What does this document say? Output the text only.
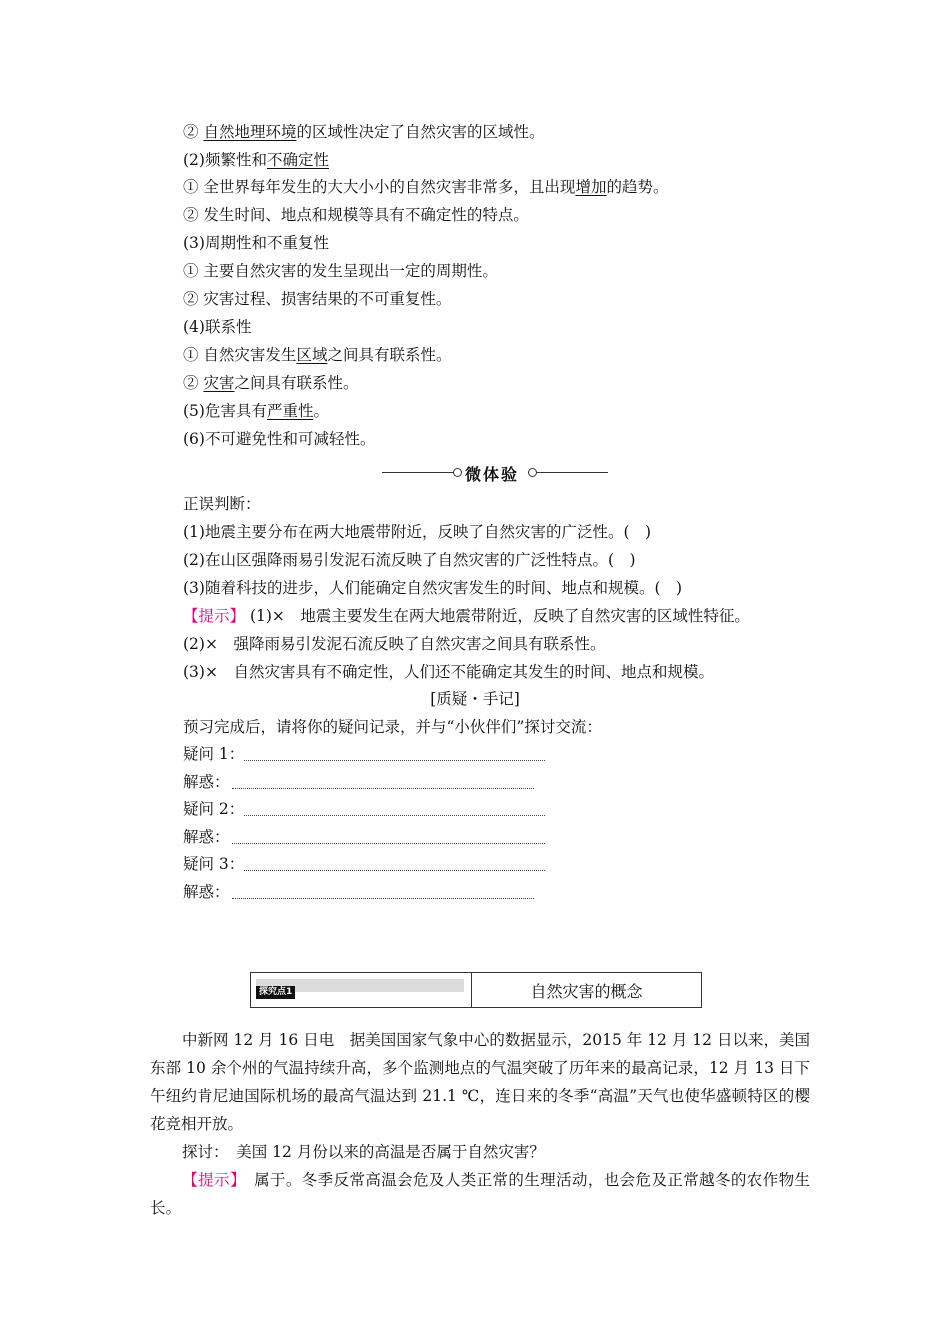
② 自然地理环境的区域性决定了自然灾害的区域性。
(2)频繁性和不确定性
① 全世界每年发生的大大小小的自然灾害非常多，且出现增加的趋势。
② 发生时间、地点和规模等具有不确定性的特点。
(3)周期性和不重复性
① 主要自然灾害的发生呈现出一定的周期性。
② 灾害过程、损害结果的不可重复性。
(4)联系性
① 自然灾害发生区域之间具有联系性。
② 灾害之间具有联系性。
(5)危害具有严重性。
(6)不可避免性和可减轻性。
微体验
正误判断：
(1)地震主要分布在两大地震带附近，反映了自然灾害的广泛性。(　)
(2)在山区强降雨易引发泥石流反映了自然灾害的广泛性特点。(　)
(3)随着科技的进步，人们能确定自然灾害发生的时间、地点和规模。(　)
【提示】 (1)×　地震主要发生在两大地震带附近，反映了自然灾害的区域性特征。
(2)×　强降雨易引发泥石流反映了自然灾害之间具有联系性。
(3)×　自然灾害具有不确定性，人们还不能确定其发生的时间、地点和规模。
[质疑・手记]
预习完成后，请将你的疑问记录，并与“小伙伴们”探讨交流：
疑问 1：
解惑：
疑问 2：
解惑：
疑问 3：
解惑：
探究点1	自然灾害的概念
中新网 12 月 16 日电　据美国国家气象中心的数据显示，2015 年 12 月 12 日以来，美国东部 10 余个州的气温持续升高，多个监测地点的气温突破了历年来的最高记录，12 月 13 日下午纽约肯尼迪国际机场的最高气温达到 21.1 ℃，连日来的冬季“高温”天气也使华盛顿特区的樱花竞相开放。
探讨：　美国 12 月份以来的高温是否属于自然灾害？
【提示】　属于。冬季反常高温会危及人类正常的生理活动，也会危及正常越冬的农作物生长。
